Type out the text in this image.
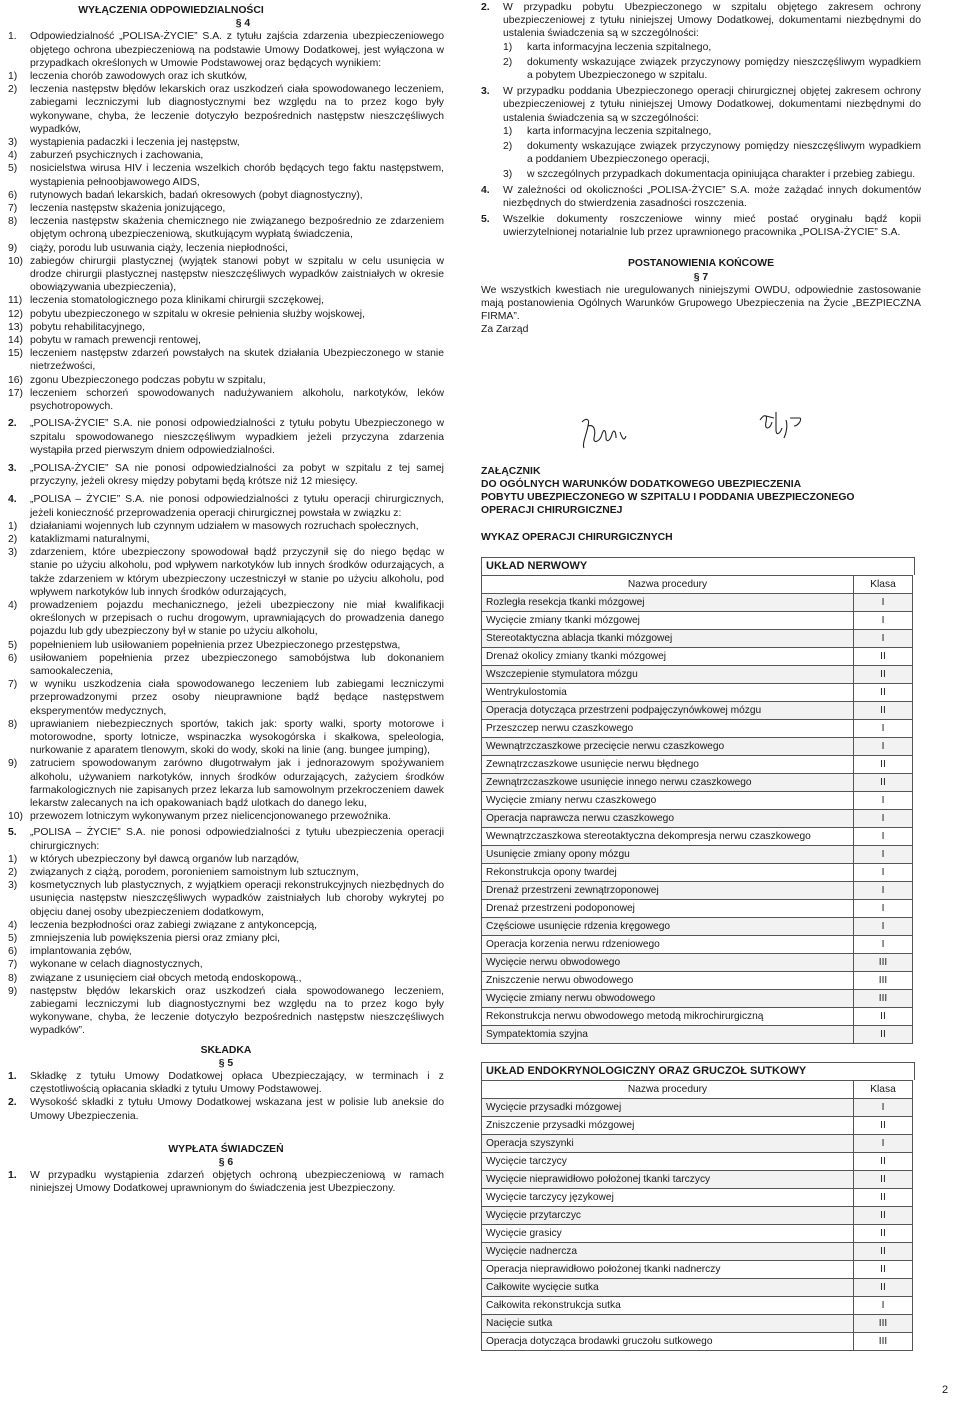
WYŁĄCZENIA ODPOWIEDZIALNOŚCI
§ 4
1.	Odpowiedzialność „POLISA-ŻYCIE” S.A. z tytułu zajścia zdarzenia ubezpieczeniowego objętego ochrona ubezpieczeniową na podstawie Umowy Dodatkowej, jest wyłączona w przypadkach określonych w Umowie Podstawowej oraz będących wynikiem:
1)	leczenia chorób zawodowych oraz ich skutków,
2)	leczenia następstw błędów lekarskich oraz uszkodzeń ciała spowodowanego leczeniem, zabiegami leczniczymi lub diagnostycznymi bez względu na to przez kogo były wykonywane, chyba, że leczenie dotyczyło bezpośrednich następstw nieszczęśliwych wypadków,
3)	wystąpienia padaczki i leczenia jej następstw,
4)	zaburzeń psychicznych i zachowania,
5)	nosicielstwa wirusa HIV i leczenia wszelkich chorób będących tego faktu następstwem, wystąpienia pełnoobjawowego AIDS,
6)	rutynowych badań lekarskich, badań okresowych (pobyt diagnostyczny),
7)	leczenia następstw skażenia jonizującego,
8)	leczenia następstw skażenia chemicznego nie związanego bezpośrednio ze zdarzeniem objętym ochroną ubezpieczeniową, skutkującym wypłatą świadczenia,
9)	ciąży, porodu lub usuwania ciąży, leczenia niepłodności,
10) zabiegów chirurgii plastycznej (wyjątek stanowi pobyt w szpitalu w celu usunięcia w drodze chirurgii plastycznej następstw nieszczęśliwych wypadków zaistniałych w okresie obowiązywania ubezpieczenia),
11) leczenia stomatologicznego poza klinikami chirurgii szczękowej,
12) pobytu ubezpieczonego w szpitalu w okresie pełnienia służby wojskowej,
13) pobytu rehabilitacyjnego,
14) pobytu w ramach prewencji rentowej,
15) leczeniem następstw zdarzeń powstałych na skutek działania Ubezpieczonego w stanie nietrzeźwości,
16) zgonu Ubezpieczonego podczas pobytu w szpitalu,
17) leczeniem schorzeń spowodowanych nadużywaniem alkoholu, narkotyków, leków psychotropowych.
2.	„POLISA-ŻYCIE” S.A. nie ponosi odpowiedzialności z tytułu pobytu Ubezpieczonego w szpitalu spowodowanego nieszczęśliwym wypadkiem jeżeli przyczyna zdarzenia wystąpiła przed pierwszym dniem odpowiedzialności.
3.	„POLISA-ŻYCIE” SA nie ponosi odpowiedzialności za pobyt w szpitalu z tej samej przyczyny, jeżeli okresy między pobytami będą krótsze niż 12 miesięcy.
4.	„POLISA – ŻYCIE” S.A. nie ponosi odpowiedzialności z tytułu operacji chirurgicznych, jeżeli konieczność przeprowadzenia operacji chirurgicznej powstała w związku z:
1)	działaniami wojennych lub czynnym udziałem w masowych rozruchach społecznych,
2)	kataklizmami naturalnymi,
3)	zdarzeniem, które ubezpieczony spowodował bądź przyczynił się do niego będąc w stanie po użyciu alkoholu, pod wpływem narkotyków lub innych środków odurzających, a także zdarzeniem w którym ubezpieczony uczestniczył w stanie po użyciu alkoholu, pod wpływem narkotyków lub innych środków odurzających,
4)	prowadzeniem pojazdu mechanicznego, jeżeli ubezpieczony nie miał kwalifikacji określonych w przepisach o ruchu drogowym, uprawniających do prowadzenia danego pojazdu lub gdy ubezpieczony był w stanie po użyciu alkoholu,
5)	popełnieniem lub usiłowaniem popełnienia przez Ubezpieczonego przestępstwa,
6)	usiłowaniem popełnienia przez ubezpieczonego samobójstwa lub dokonaniem samookaleczenia,
7)	w wyniku uszkodzenia ciała spowodowanego leczeniem lub zabiegami leczniczymi przeprowadzonymi przez osoby nieuprawnione bądź będące następstwem eksperymentów medycznych,
8)	uprawianiem niebezpiecznych sportów, takich jak: sporty walki, sporty motorowe i motorowodne, sporty lotnicze, wspinaczka wysokogórska i skałkowa, speleologia, nurkowanie z aparatem tlenowym, skoki do wody, skoki na linie (ang. bungee jumping),
9)	zatruciem spowodowanym zarówno długotrwałym jak i jednorazowym spożywaniem alkoholu, używaniem narkotyków, innych środków odurzających, zażyciem środków farmakologicznych nie zapisanych przez lekarza lub samowolnym przekroczeniem dawek lekarstw zalecanych na ich opakowaniach bądź ulotkach do danego leku,
10) przewozem lotniczym wykonywanym przez nielicencjonowanego przewoźnika.
5.	„POLISA – ŻYCIE” S.A. nie ponosi odpowiedzialności z tytułu ubezpieczenia operacji chirurgicznych:
1)	w których ubezpieczony był dawcą organów lub narządów,
2)	związanych z ciążą, porodem, poronieniem samoistnym lub sztucznym,
3)	kosmetycznych lub plastycznych, z wyjątkiem operacji rekonstrukcyjnych niezbędnych do usunięcia następstw nieszczęśliwych wypadków zaistniałych lub choroby wykrytej po objęciu danej osoby ubezpieczeniem dodatkowym,
4)	leczenia bezpłodności oraz zabiegi związane z antykoncepcją,
5)	zmniejszenia lub powiększenia piersi oraz zmiany płci,
6)	implantowania zębów,
7)	wykonane w celach diagnostycznych,
8)	związane z usunięciem ciał obcych metodą endoskopową.,
9)	następstw błędów lekarskich oraz uszkodzeń ciała spowodowanego leczeniem, zabiegami leczniczymi lub diagnostycznymi bez względu na to przez kogo były wykonywane, chyba, że leczenie dotyczyło bezpośrednich następstw nieszczęśliwych wypadków”.
SKŁADKA
§ 5
1.	Składkę z tytułu Umowy Dodatkowej opłaca Ubezpieczający, w terminach i z częstotliwością opłacania składki z tytułu Umowy Podstawowej.
2.	Wysokość składki z tytułu Umowy Dodatkowej wskazana jest w polisie lub aneksie do Umowy Ubezpieczenia.
WYPŁATA ŚWIADCZEŃ
§ 6
1.	W przypadku wystąpienia zdarzeń objętych ochroną ubezpieczeniową w ramach niniejszej Umowy Dodatkowej uprawnionym do świadczenia jest Ubezpieczony.
2.	W przypadku pobytu Ubezpieczonego w szpitalu objętego zakresem ochrony ubezpieczeniowej z tytułu niniejszej Umowy Dodatkowej, dokumentami niezbędnymi do ustalenia świadczenia są w szczególności:
1)	karta informacyjna leczenia szpitalnego,
2)	dokumenty wskazujące związek przyczynowy pomiędzy nieszczęśliwym wypadkiem a pobytem Ubezpieczonego w szpitalu.
3.	W przypadku poddania Ubezpieczonego operacji chirurgicznej objętej zakresem ochrony ubezpieczeniowej z tytułu niniejszej Umowy Dodatkowej, dokumentami niezbędnymi do ustalenia świadczenia są w szczególności:
1)	karta informacyjna leczenia szpitalnego,
2)	dokumenty wskazujące związek przyczynowy pomiędzy nieszczęśliwym wypadkiem a poddaniem Ubezpieczonego operacji,
3)	w szczególnych przypadkach dokumentacja opiniująca charakter i przebieg zabiegu.
4.	W zależności od okoliczności „POLISA-ŻYCIE” S.A. może zażądać innych dokumentów niezbędnych do stwierdzenia zasadności roszczenia.
5.	Wszelkie dokumenty roszczeniowe winny mieć postać oryginału bądź kopii uwierzytelnionej notarialnie lub przez uprawnionego pracownika „POLISA-ŻYCIE” S.A.
POSTANOWIENIA KOŃCOWE
§ 7
We wszystkich kwestiach nie uregulowanych niniejszymi OWDU, odpowiednie zastosowanie mają postanowienia Ogólnych Warunków Grupowego Ubezpieczenia na Życie „BEZPIECZNA FIRMA”.
Za Zarząd
ZAŁĄCZNIK
DO OGÓLNYCH WARUNKÓW DODATKOWEGO UBEZPIECZENIA
POBYTU UBEZPIECZONEGO W SZPITALU I PODDANIA UBEZPIECZONEGO
OPERACJI CHIRURGICZNEJ
WYKAZ OPERACJI CHIRURGICZNYCH
UKŁAD NERWOWY
Nazwa procedury	Klasa
Rozległa resekcja tkanki mózgowej	I
Wycięcie zmiany tkanki mózgowej	I
Stereotaktyczna ablacja tkanki mózgowej	I
Drenaż okolicy zmiany tkanki mózgowej	II
Wszczepienie stymulatora mózgu	II
Wentrykulostomia	II
Operacja dotycząca przestrzeni podpajęczynówkowej mózgu	II
Przeszczep nerwu czaszkowego	I
Wewnątrzczaszkowe przecięcie nerwu czaszkowego	I
Zewnątrzczaszkowe usunięcie nerwu błędnego	II
Zewnątrzczaszkowe usunięcie innego nerwu czaszkowego	II
Wycięcie zmiany nerwu czaszkowego	I
Operacja naprawcza nerwu czaszkowego	I
Wewnątrzczaszkowa stereotaktyczna dekompresja nerwu czaszkowego	I
Usunięcie zmiany opony mózgu	I
Rekonstrukcja opony twardej	I
Drenaż przestrzeni zewnątrzoponowej	I
Drenaż przestrzeni podoponowej	I
Częściowe usunięcie rdzenia kręgowego	I
Operacja korzenia nerwu rdzeniowego	I
Wycięcie nerwu obwodowego	III
Zniszczenie nerwu obwodowego	III
Wycięcie zmiany nerwu obwodowego	III
Rekonstrukcja nerwu obwodowego metodą mikrochirurgiczną	II
Sympatektomia szyjna	II
UKŁAD ENDOKRYNOLOGICZNY ORAZ GRUCZOŁ SUTKOWY
Nazwa procedury	Klasa
Wycięcie przysadki mózgowej	I
Zniszczenie przysadki mózgowej	II
Operacja szyszynki	I
Wycięcie tarczycy	II
Wycięcie nieprawidłowo położonej tkanki tarczycy	II
Wycięcie tarczycy językowej	II
Wycięcie przytarczyc	II
Wycięcie grasicy	II
Wycięcie nadnercza	II
Operacja nieprawidłowo położonej tkanki nadnerczy	II
Całkowite wycięcie sutka	II
Całkowita rekonstrukcja sutka	I
Nacięcie sutka	III
Operacja dotycząca brodawki gruczołu sutkowego	III
2
